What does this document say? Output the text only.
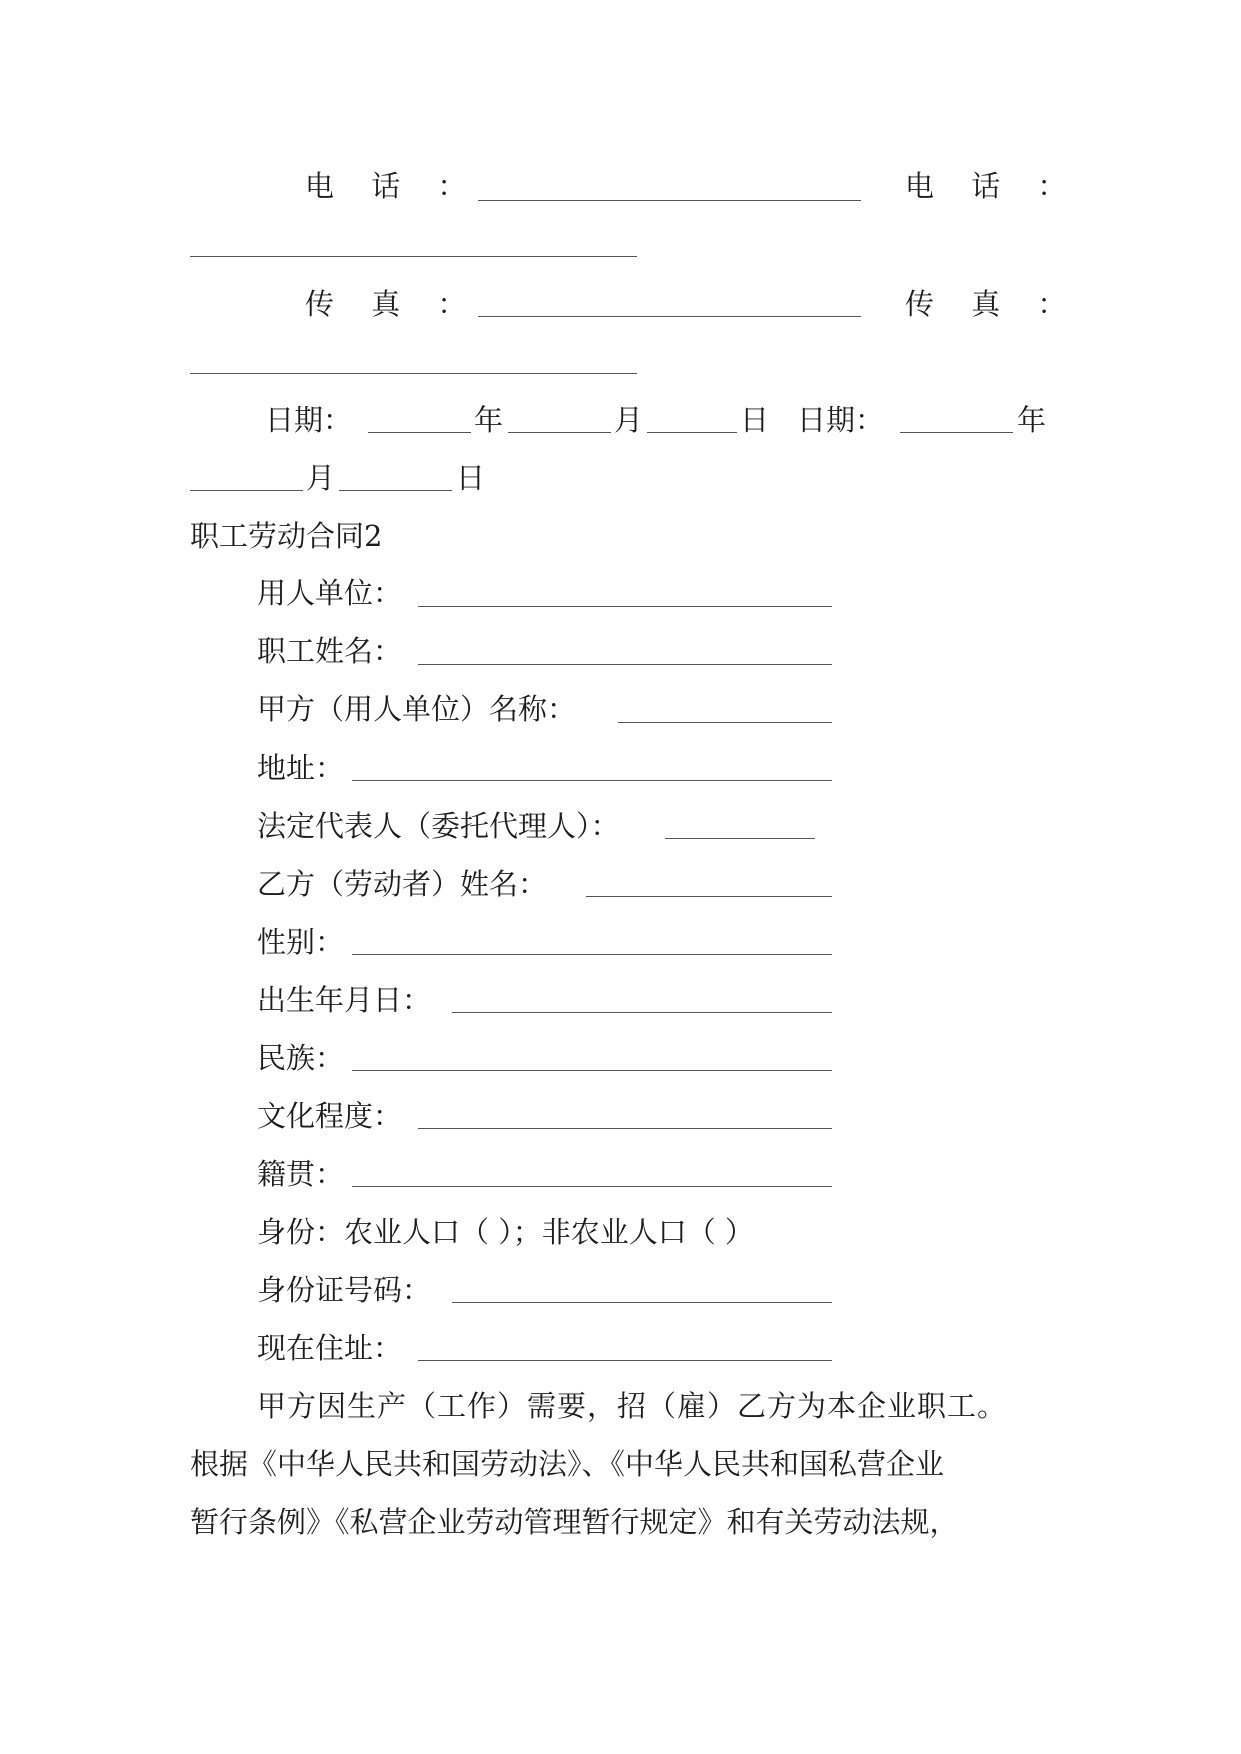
电 话 ：	电 话 ：
传 真 ：	传 真 ：
日期：	年	月	日 日期：	年
月	日
职工劳动合同2
用人单位：
职工姓名：
甲方（用人单位）名称：
地址：
法定代表人（委托代理人）：
乙方（劳动者）姓名：
性别：
出生年月日：
民族：
文化程度：
籍贯：
身份：农业人口（ ）；非农业人口（ ）
身份证号码：
现在住址：
甲方因生产（工作）需要，招（雇）乙方为本企业职工。
根据《中华人民共和国劳动法》、《中华人民共和国私营企业
暂行条例》《私营企业劳动管理暂行规定》和有关劳动法规，
